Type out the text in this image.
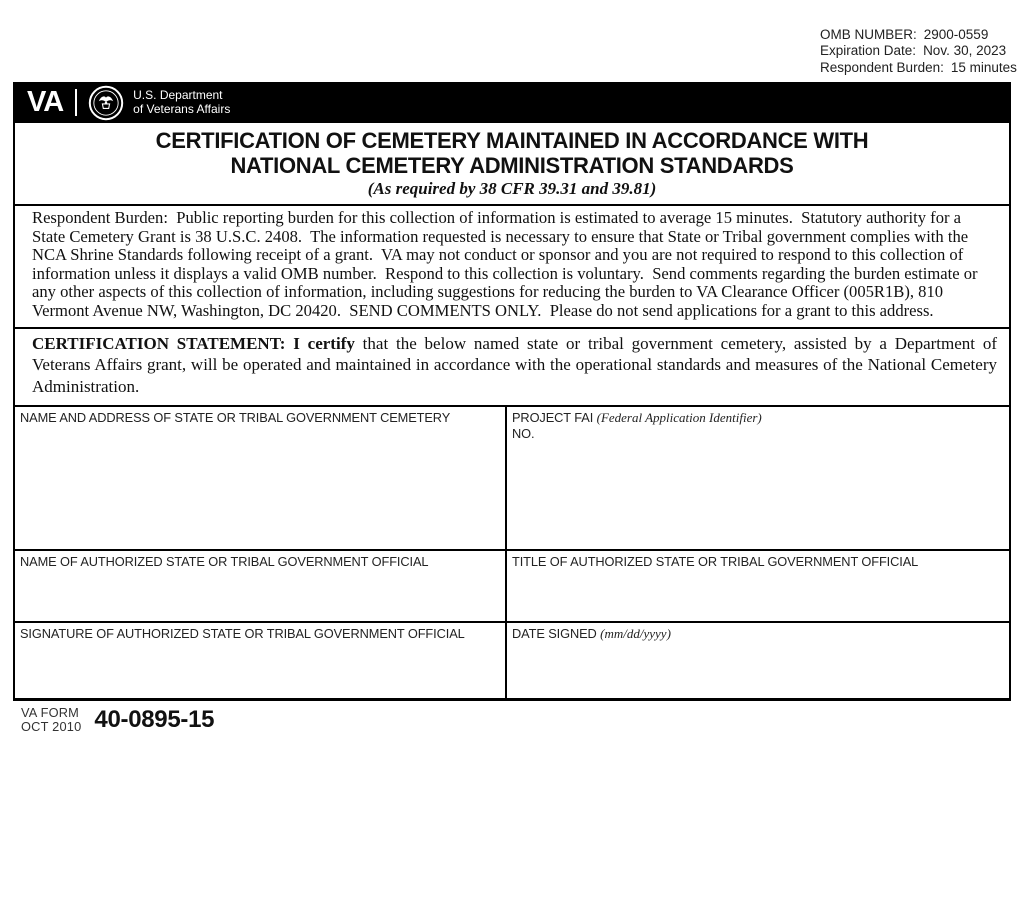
OMB NUMBER: 2900-0559
Expiration Date: Nov. 30, 2023
Respondent Burden: 15 minutes
VA	U.S. Department
of Veterans Affairs
CERTIFICATION OF CEMETERY MAINTAINED IN ACCORDANCE WITH
NATIONAL CEMETERY ADMINISTRATION STANDARDS
(As required by 38 CFR 39.31 and 39.81)
Respondent Burden:  Public reporting burden for this collection of information is estimated to average 15 minutes.  Statutory authority for a State Cemetery Grant is 38 U.S.C. 2408.  The information requested is necessary to ensure that State or Tribal government complies with the NCA Shrine Standards following receipt of a grant.  VA may not conduct or sponsor and you are not required to respond to this collection of information unless it displays a valid OMB number.  Respond to this collection is voluntary.  Send comments regarding the burden estimate or any other aspects of this collection of information, including suggestions for reducing the burden to VA Clearance Officer (005R1B), 810 Vermont Avenue NW, Washington, DC 20420.  SEND COMMENTS ONLY.  Please do not send applications for a grant to this address.
CERTIFICATION STATEMENT: I certify that the below named state or tribal government cemetery, assisted by a Department of Veterans Affairs grant, will be operated and maintained in accordance with the operational standards and measures of the National Cemetery Administration.
NAME AND ADDRESS OF STATE OR TRIBAL GOVERNMENT CEMETERY	PROJECT FAI (Federal Application Identifier)
NO.
NAME OF AUTHORIZED STATE OR TRIBAL GOVERNMENT OFFICIAL	TITLE OF AUTHORIZED STATE OR TRIBAL GOVERNMENT OFFICIAL
SIGNATURE OF AUTHORIZED STATE OR TRIBAL GOVERNMENT OFFICIAL	DATE SIGNED (mm/dd/yyyy)
VA FORM
OCT 2010 40-0895-15
